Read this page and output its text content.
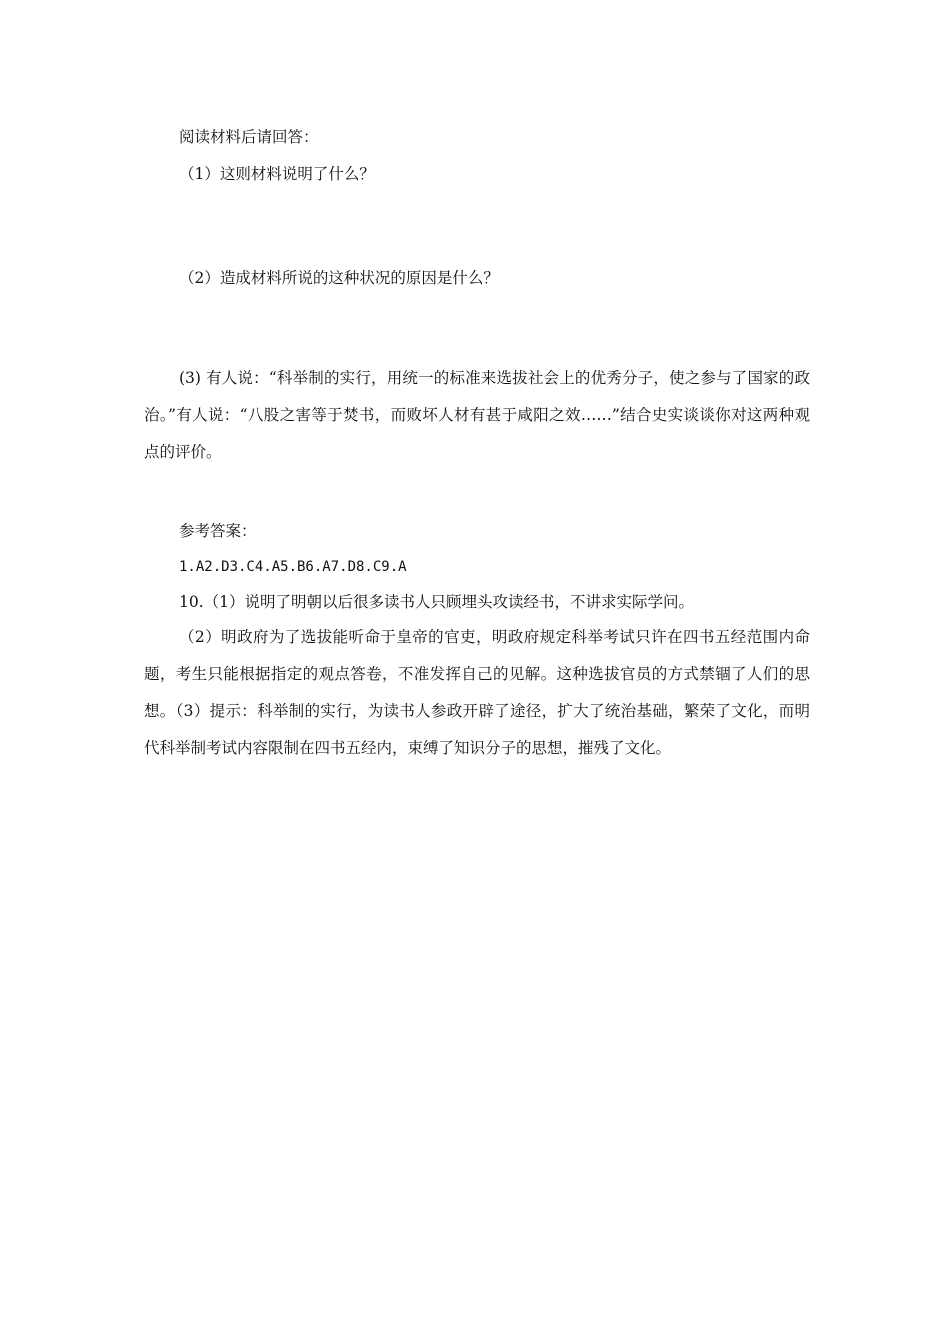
阅读材料后请回答：
（1）这则材料说明了什么？
（2）造成材料所说的这种状况的原因是什么？
(3) 有人说：“科举制的实行，用统一的标准来选拔社会上的优秀分子，使之参与了国家的政治。”有人说：“八股之害等于焚书，而败坏人材有甚于咸阳之效……”结合史实谈谈你对这两种观点的评价。
参考答案：
1.A2.D3.C4.A5.B6.A7.D8.C9.A
10.（1）说明了明朝以后很多读书人只顾埋头攻读经书，不讲求实际学问。
（2）明政府为了选拔能听命于皇帝的官吏，明政府规定科举考试只许在四书五经范围内命题，考生只能根据指定的观点答卷，不准发挥自己的见解。这种选拔官员的方式禁锢了人们的思想。（3）提示：科举制的实行，为读书人参政开辟了途径，扩大了统治基础，繁荣了文化，而明代科举制考试内容限制在四书五经内，束缚了知识分子的思想，摧残了文化。
